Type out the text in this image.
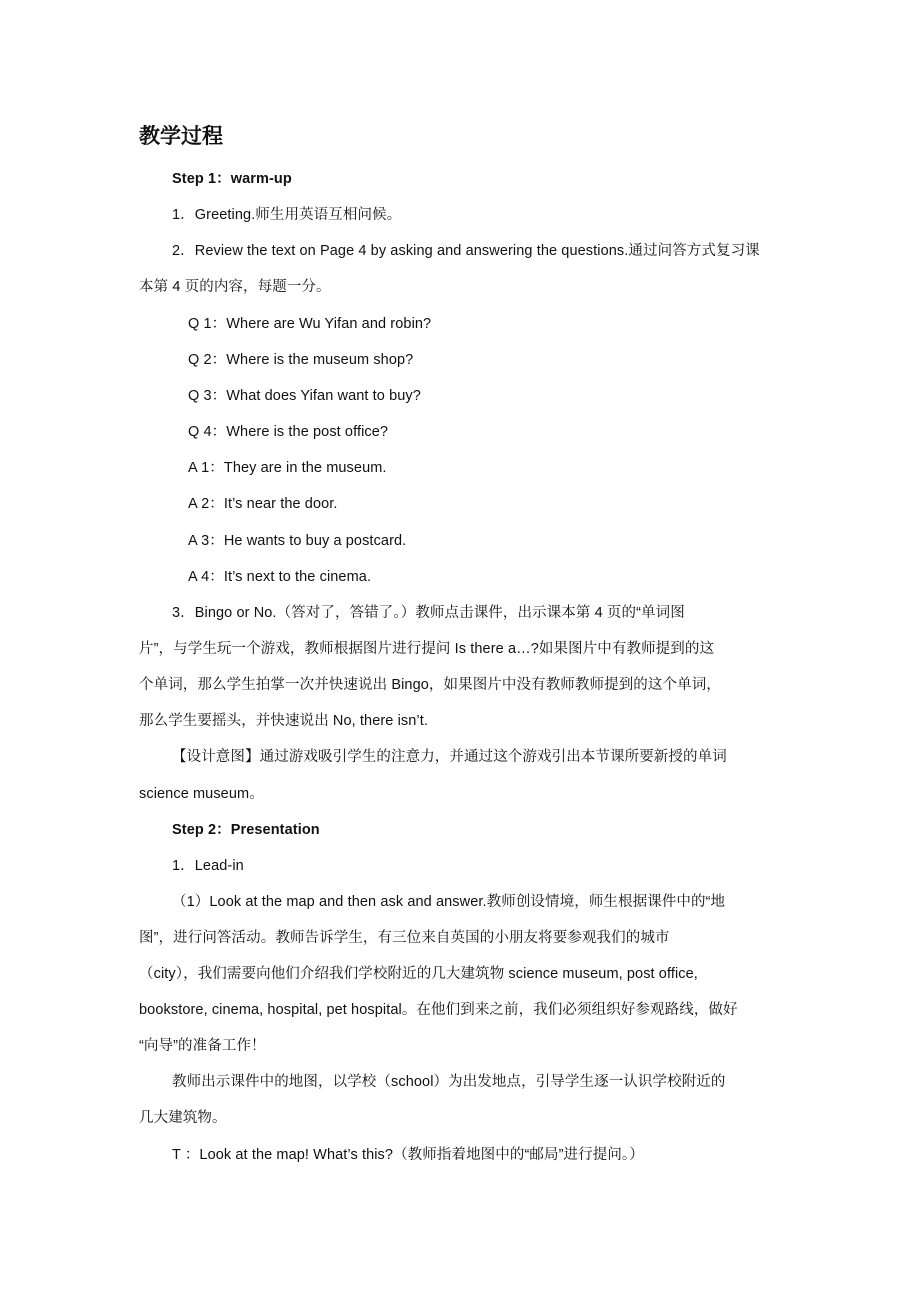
教学过程
Step 1：warm-up
1．Greeting.师生用英语互相问候。
2．Review the text on Page 4 by asking and answering the questions.通过问答方式复习课
本第 4 页的内容，每题一分。
Q 1：Where are Wu Yifan and robin?
Q 2：Where is the museum shop?
Q 3：What does Yifan want to buy?
Q 4：Where is the post office?
A 1：They are in the museum.
A 2：It’s near the door.
A 3：He wants to buy a postcard.
A 4：It’s next to the cinema.
3．Bingo or No.（答对了，答错了。）教师点击课件，出示课本第 4 页的“单词图
片”，与学生玩一个游戏，教师根据图片进行提问 Is there a…?如果图片中有教师提到的这
个单词，那么学生拍掌一次并快速说出 Bingo，如果图片中没有教师教师提到的这个单词，
那么学生要摇头，并快速说出 No, there isn’t.
【设计意图】通过游戏吸引学生的注意力，并通过这个游戏引出本节课所要新授的单词
science museum。
Step 2：Presentation
1．Lead-in
（1）Look at the map and then ask and answer.教师创设情境，师生根据课件中的“地
图”，进行问答活动。教师告诉学生，有三位来自英国的小朋友将要参观我们的城市
（city），我们需要向他们介绍我们学校附近的几大建筑物 science museum, post office,
bookstore, cinema, hospital, pet hospital。在他们到来之前，我们必须组织好参观路线，做好
“向导”的准备工作！
教师出示课件中的地图，以学校（school）为出发地点，引导学生逐一认识学校附近的
几大建筑物。
T ：Look at the map! What’s this?（教师指着地图中的“邮局”进行提问。）
